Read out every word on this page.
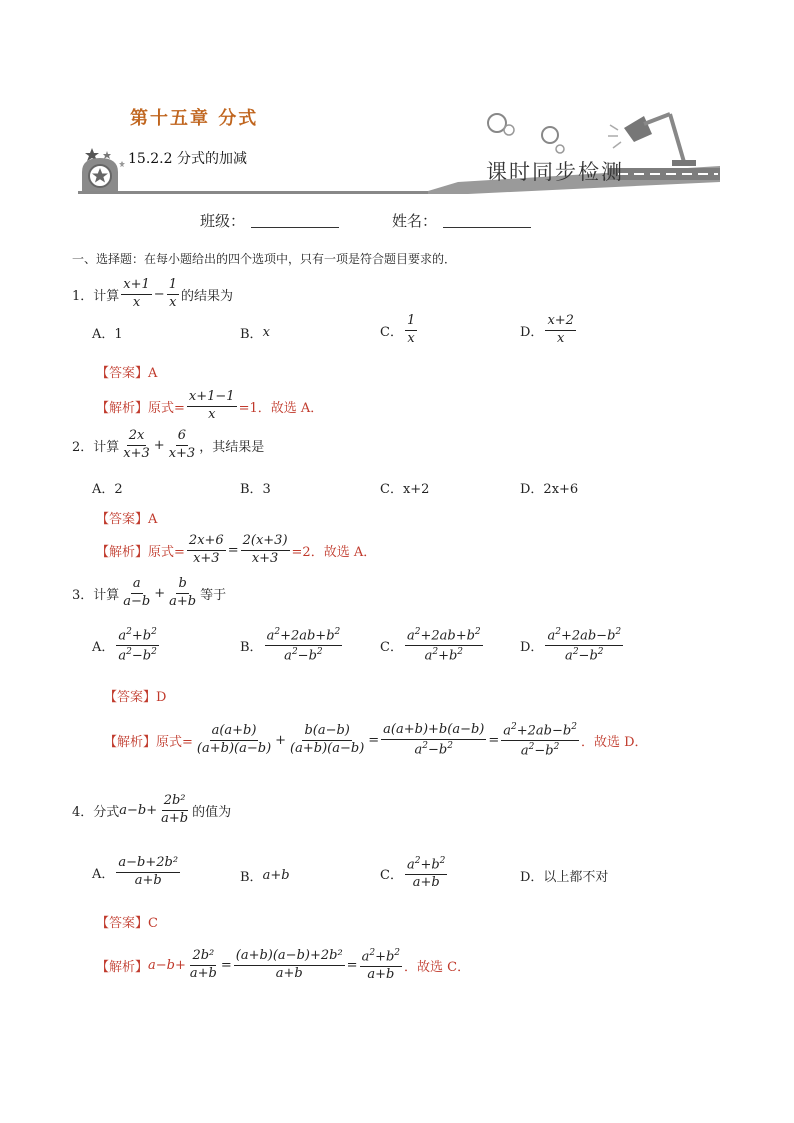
第十五章 分式
15.2.2 分式的加减
课时同步检测
班级：	姓名：
一、选择题：在每小题给出的四个选项中，只有一项是符合题目要求的．
1．计算 $\frac{x+1}{x} - \frac{1}{x}$ 的结果为
A．1	B． x	C． $\frac{1}{x}$	D． $\frac{x+2}{x}$
【答案】A
【解析】 原式= $\frac{x+1-1}{x} =1$．故选 A．
2．计算 $\frac{2x}{x+3} + \frac{6}{x+3}$ ，其结果是
A．2	B．3	C．x+2	D．2x+6
【答案】A
【解析】 原式= $\frac{2x+6}{x+3} = \frac{2(x+3)}{x+3} =2$．故选 A．
3．计算 $\frac{a}{a-b} + \frac{b}{a+b}$ 等于
A． $\frac{a^2+b^2}{a^2-b^2}$	B． $\frac{a^2+2ab+b^2}{a^2-b^2}$	C． $\frac{a^2+2ab+b^2}{a^2+b^2}$	D． $\frac{a^2+2ab-b^2}{a^2-b^2}$
【答案】D
【解析】 原式= $\frac{a(a+b)}{(a+b)(a-b)} + \frac{b(a-b)}{(a+b)(a-b)} = \frac{a(a+b)+b(a-b)}{a^2-b^2} = \frac{a^2+2ab-b^2}{a^2-b^2}$ ．故选 D．
4．分式 $a-b+ \frac{\text{2b²}}{a+b}$ 的值为
A． $\frac{\text{a−b+2b²}}{a+b}$	B． a+b	C． $\frac{a^2+b^2}{a+b}$	D．以上都不对
【答案】C
【解析】 $a-b+ \frac{\text{2b²}}{a+b} = \frac{\text{(a+b)(a−b)+2b²}}{a+b} = \frac{a^2+b^2}{a+b}$ ．故选 C．
